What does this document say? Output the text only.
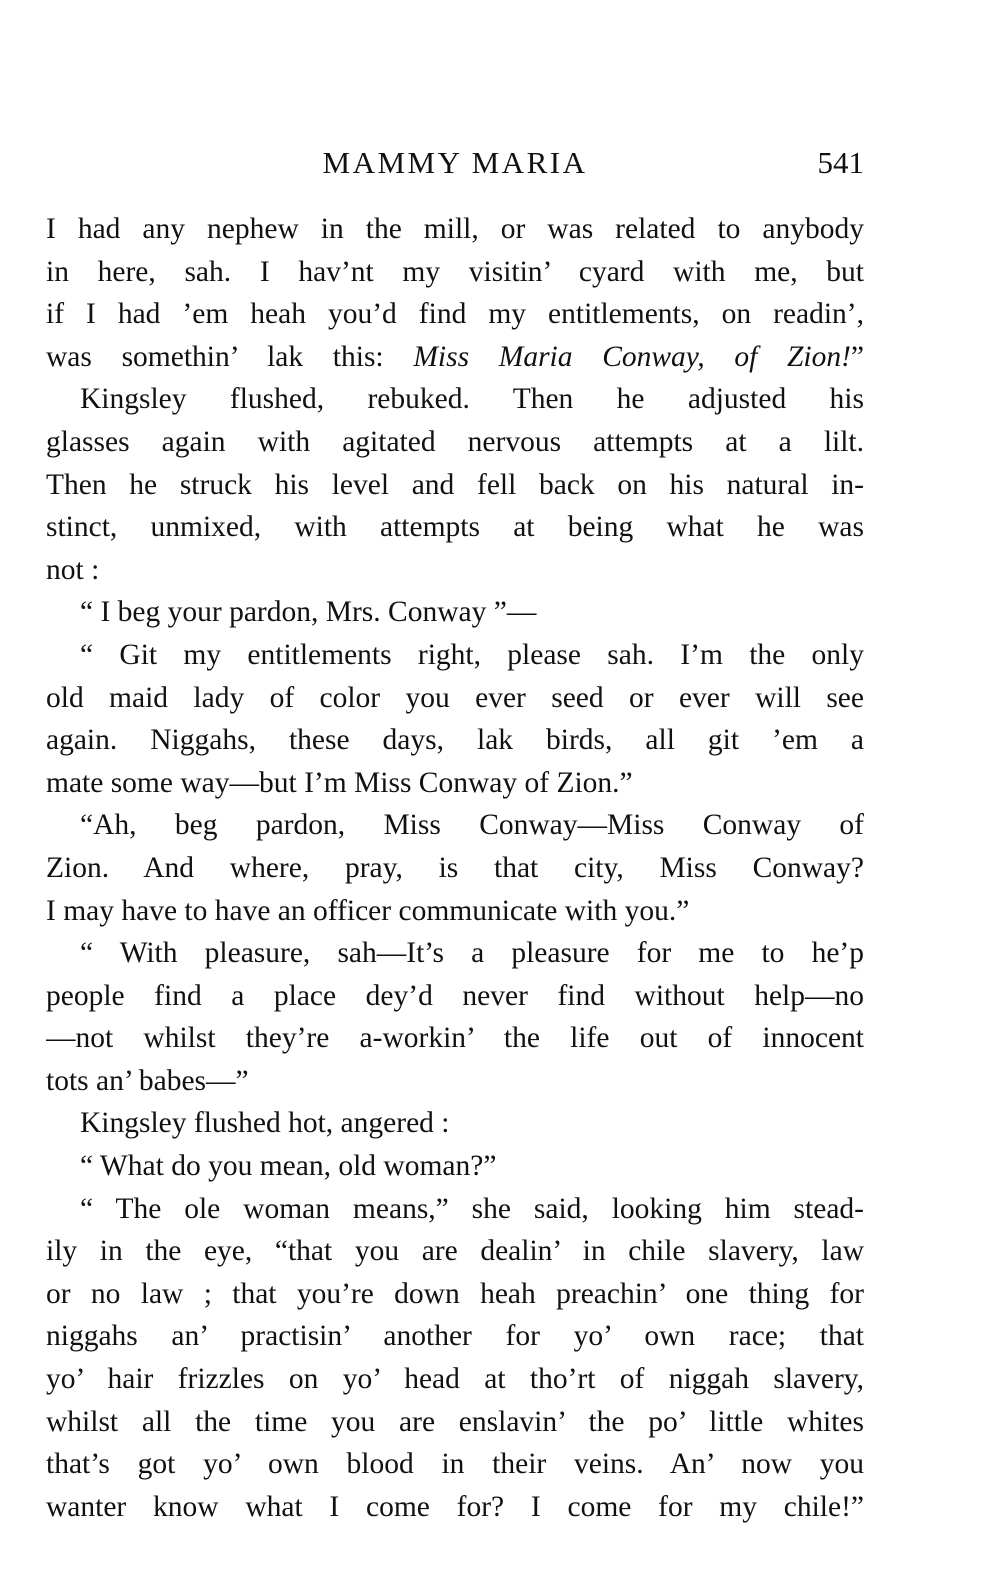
MAMMY MARIA	541
I had any nephew in the mill, or was related to anybody
in here, sah. I hav’nt my visitin’ cyard with me, but
if I had ’em heah you’d find my entitlements, on readin’,
was somethin’ lak this: Miss Maria Conway, of Zion!”
Kingsley flushed, rebuked. Then he adjusted his
glasses again with agitated nervous attempts at a lilt.
Then he struck his level and fell back on his natural in-
stinct, unmixed, with attempts at being what he was
not :
“ I beg your pardon, Mrs. Conway ”—
“ Git my entitlements right, please sah. I’m the only
old maid lady of color you ever seed or ever will see
again. Niggahs, these days, lak birds, all git ’em a
mate some way—but I’m Miss Conway of Zion.”
“Ah, beg pardon, Miss Conway—Miss Conway of
Zion. And where, pray, is that city, Miss Conway?
I may have to have an officer communicate with you.”
“ With pleasure, sah—It’s a pleasure for me to he’p
people find a place dey’d never find without help—no
—not whilst they’re a-workin’ the life out of innocent
tots an’ babes—”
Kingsley flushed hot, angered :
“ What do you mean, old woman?”
“ The ole woman means,” she said, looking him stead-
ily in the eye, “that you are dealin’ in chile slavery, law
or no law ; that you’re down heah preachin’ one thing for
niggahs an’ practisin’ another for yo’ own race; that
yo’ hair frizzles on yo’ head at tho’rt of niggah slavery,
whilst all the time you are enslavin’ the po’ little whites
that’s got yo’ own blood in their veins. An’ now you
wanter know what I come for? I come for my chile!”
